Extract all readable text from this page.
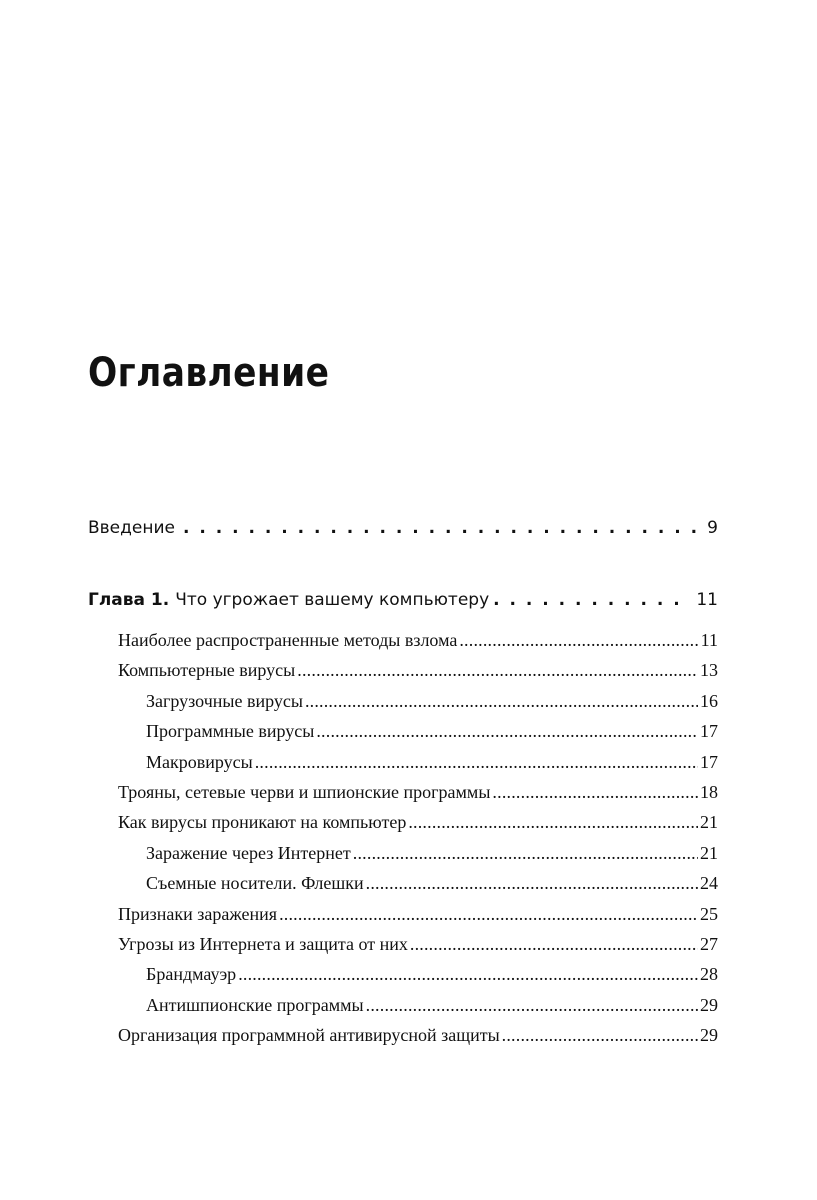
Оглавление
Введение . . .	9
Глава 1. Что угрожает вашему компьютеру . . .	11
Наиболее распространенные методы взлома .....	11
Компьютерные вирусы .....	13
Загрузочные вирусы .....	16
Программные вирусы .....	17
Макровирусы .....	17
Трояны, сетевые черви и шпионские программы .....	18
Как вирусы проникают на компьютер .....	21
Заражение через Интернет .....	21
Съемные носители. Флешки .....	24
Признаки заражения .....	25
Угрозы из Интернета и защита от них .....	27
Брандмауэр .....	28
Антишпионские программы .....	29
Организация программной антивирусной защиты .....	29
